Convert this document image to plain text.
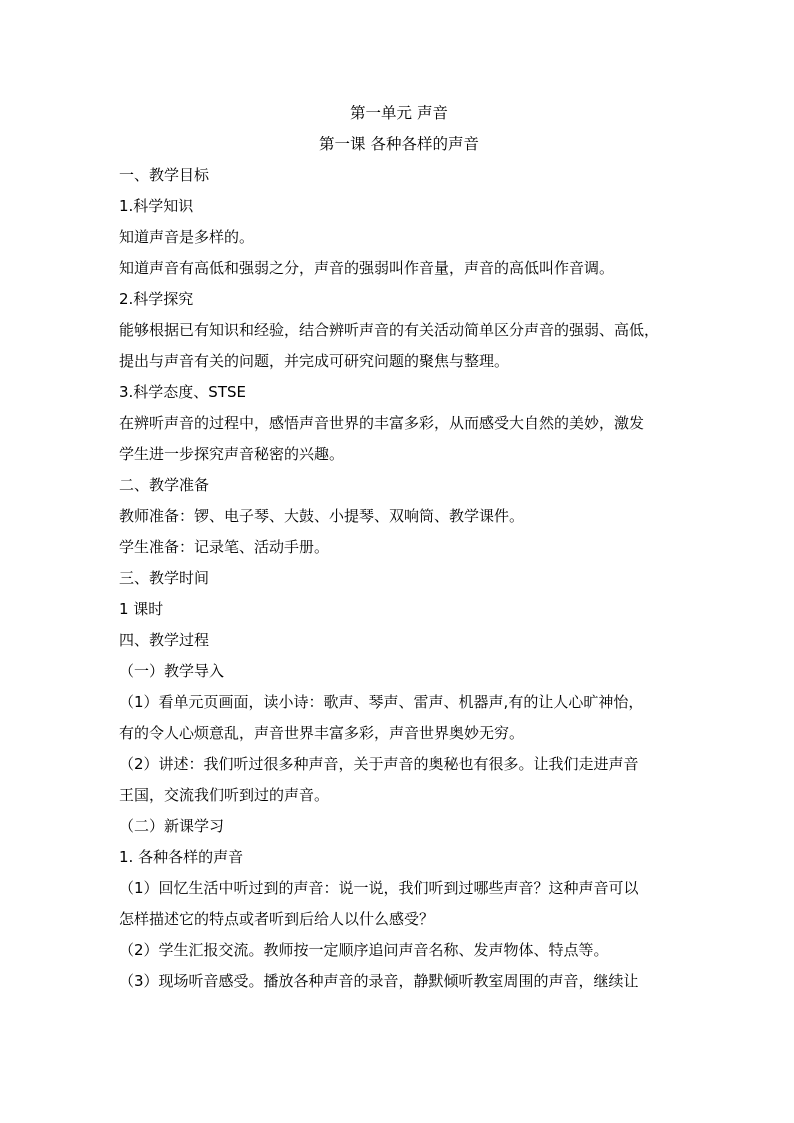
第一单元 声音
第一课 各种各样的声音
一、教学目标
1.科学知识
知道声音是多样的。
知道声音有高低和强弱之分，声音的强弱叫作音量，声音的高低叫作音调。
2.科学探究
能够根据已有知识和经验，结合辨听声音的有关活动简单区分声音的强弱、高低，
提出与声音有关的问题，并完成可研究问题的聚焦与整理。
3.科学态度、STSE
在辨听声音的过程中，感悟声音世界的丰富多彩，从而感受大自然的美妙，激发
学生进一步探究声音秘密的兴趣。
二、教学准备
教师准备：锣、电子琴、大鼓、小提琴、双响筒、教学课件。
学生准备：记录笔、活动手册。
三、教学时间
1 课时
四、教学过程
（一）教学导入
（1）看单元页画面，读小诗：歌声、琴声、雷声、机器声,有的让人心旷神怡，
有的令人心烦意乱，声音世界丰富多彩，声音世界奥妙无穷。
（2）讲述：我们听过很多种声音，关于声音的奥秘也有很多。让我们走进声音
王国，交流我们听到过的声音。
（二）新课学习
1. 各种各样的声音
（1）回忆生活中听过到的声音：说一说，我们听到过哪些声音？这种声音可以
怎样描述它的特点或者听到后给人以什么感受？
（2）学生汇报交流。教师按一定顺序追问声音名称、发声物体、特点等。
（3）现场听音感受。播放各种声音的录音，静默倾听教室周围的声音，继续让
